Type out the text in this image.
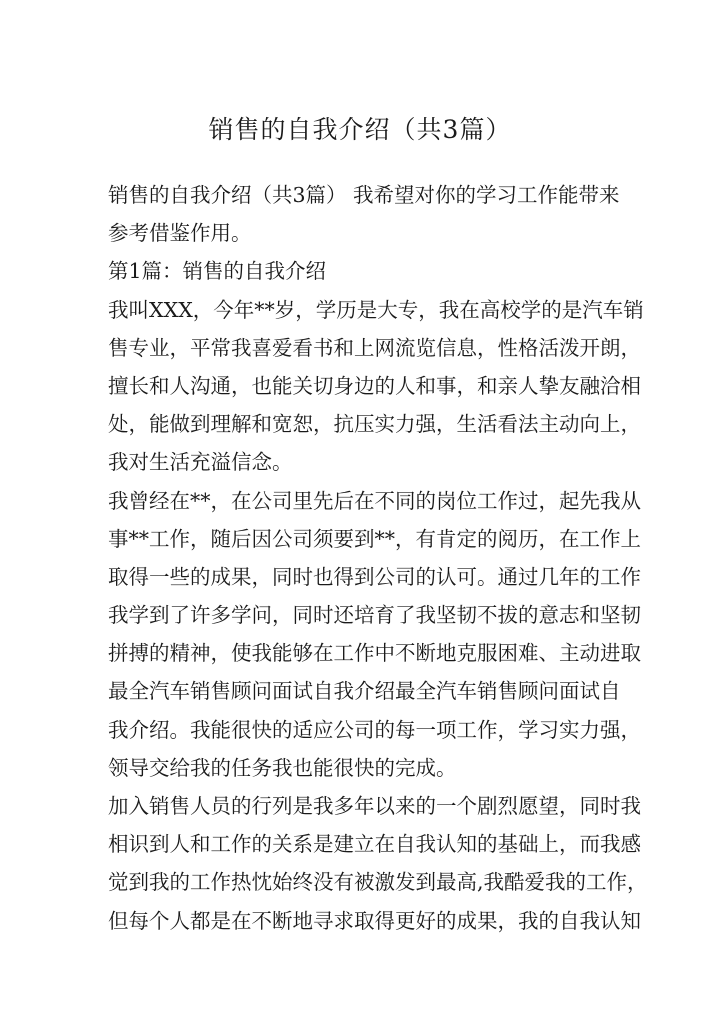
销售的自我介绍（共3篇）
销售的自我介绍（共3篇） 我希望对你的学习工作能带来
参考借鉴作用。
第1篇：销售的自我介绍
我叫XXX，今年**岁，学历是大专，我在高校学的是汽车销
售专业，平常我喜爱看书和上网流览信息，性格活泼开朗，
擅长和人沟通，也能关切身边的人和事，和亲人挚友融洽相
处，能做到理解和宽恕，抗压实力强，生活看法主动向上，
我对生活充溢信念。
我曾经在**，在公司里先后在不同的岗位工作过，起先我从
事**工作，随后因公司须要到**，有肯定的阅历，在工作上
取得一些的成果，同时也得到公司的认可。通过几年的工作
我学到了许多学问，同时还培育了我坚韧不拔的意志和坚韧
拼搏的精神，使我能够在工作中不断地克服困难、主动进取
最全汽车销售顾问面试自我介绍最全汽车销售顾问面试自
我介绍。我能很快的适应公司的每一项工作，学习实力强，
领导交给我的任务我也能很快的完成。
加入销售人员的行列是我多年以来的一个剧烈愿望，同时我
相识到人和工作的关系是建立在自我认知的基础上，而我感
觉到我的工作热忱始终没有被激发到最高,我酷爱我的工作，
但每个人都是在不断地寻求取得更好的成果，我的自我认知
